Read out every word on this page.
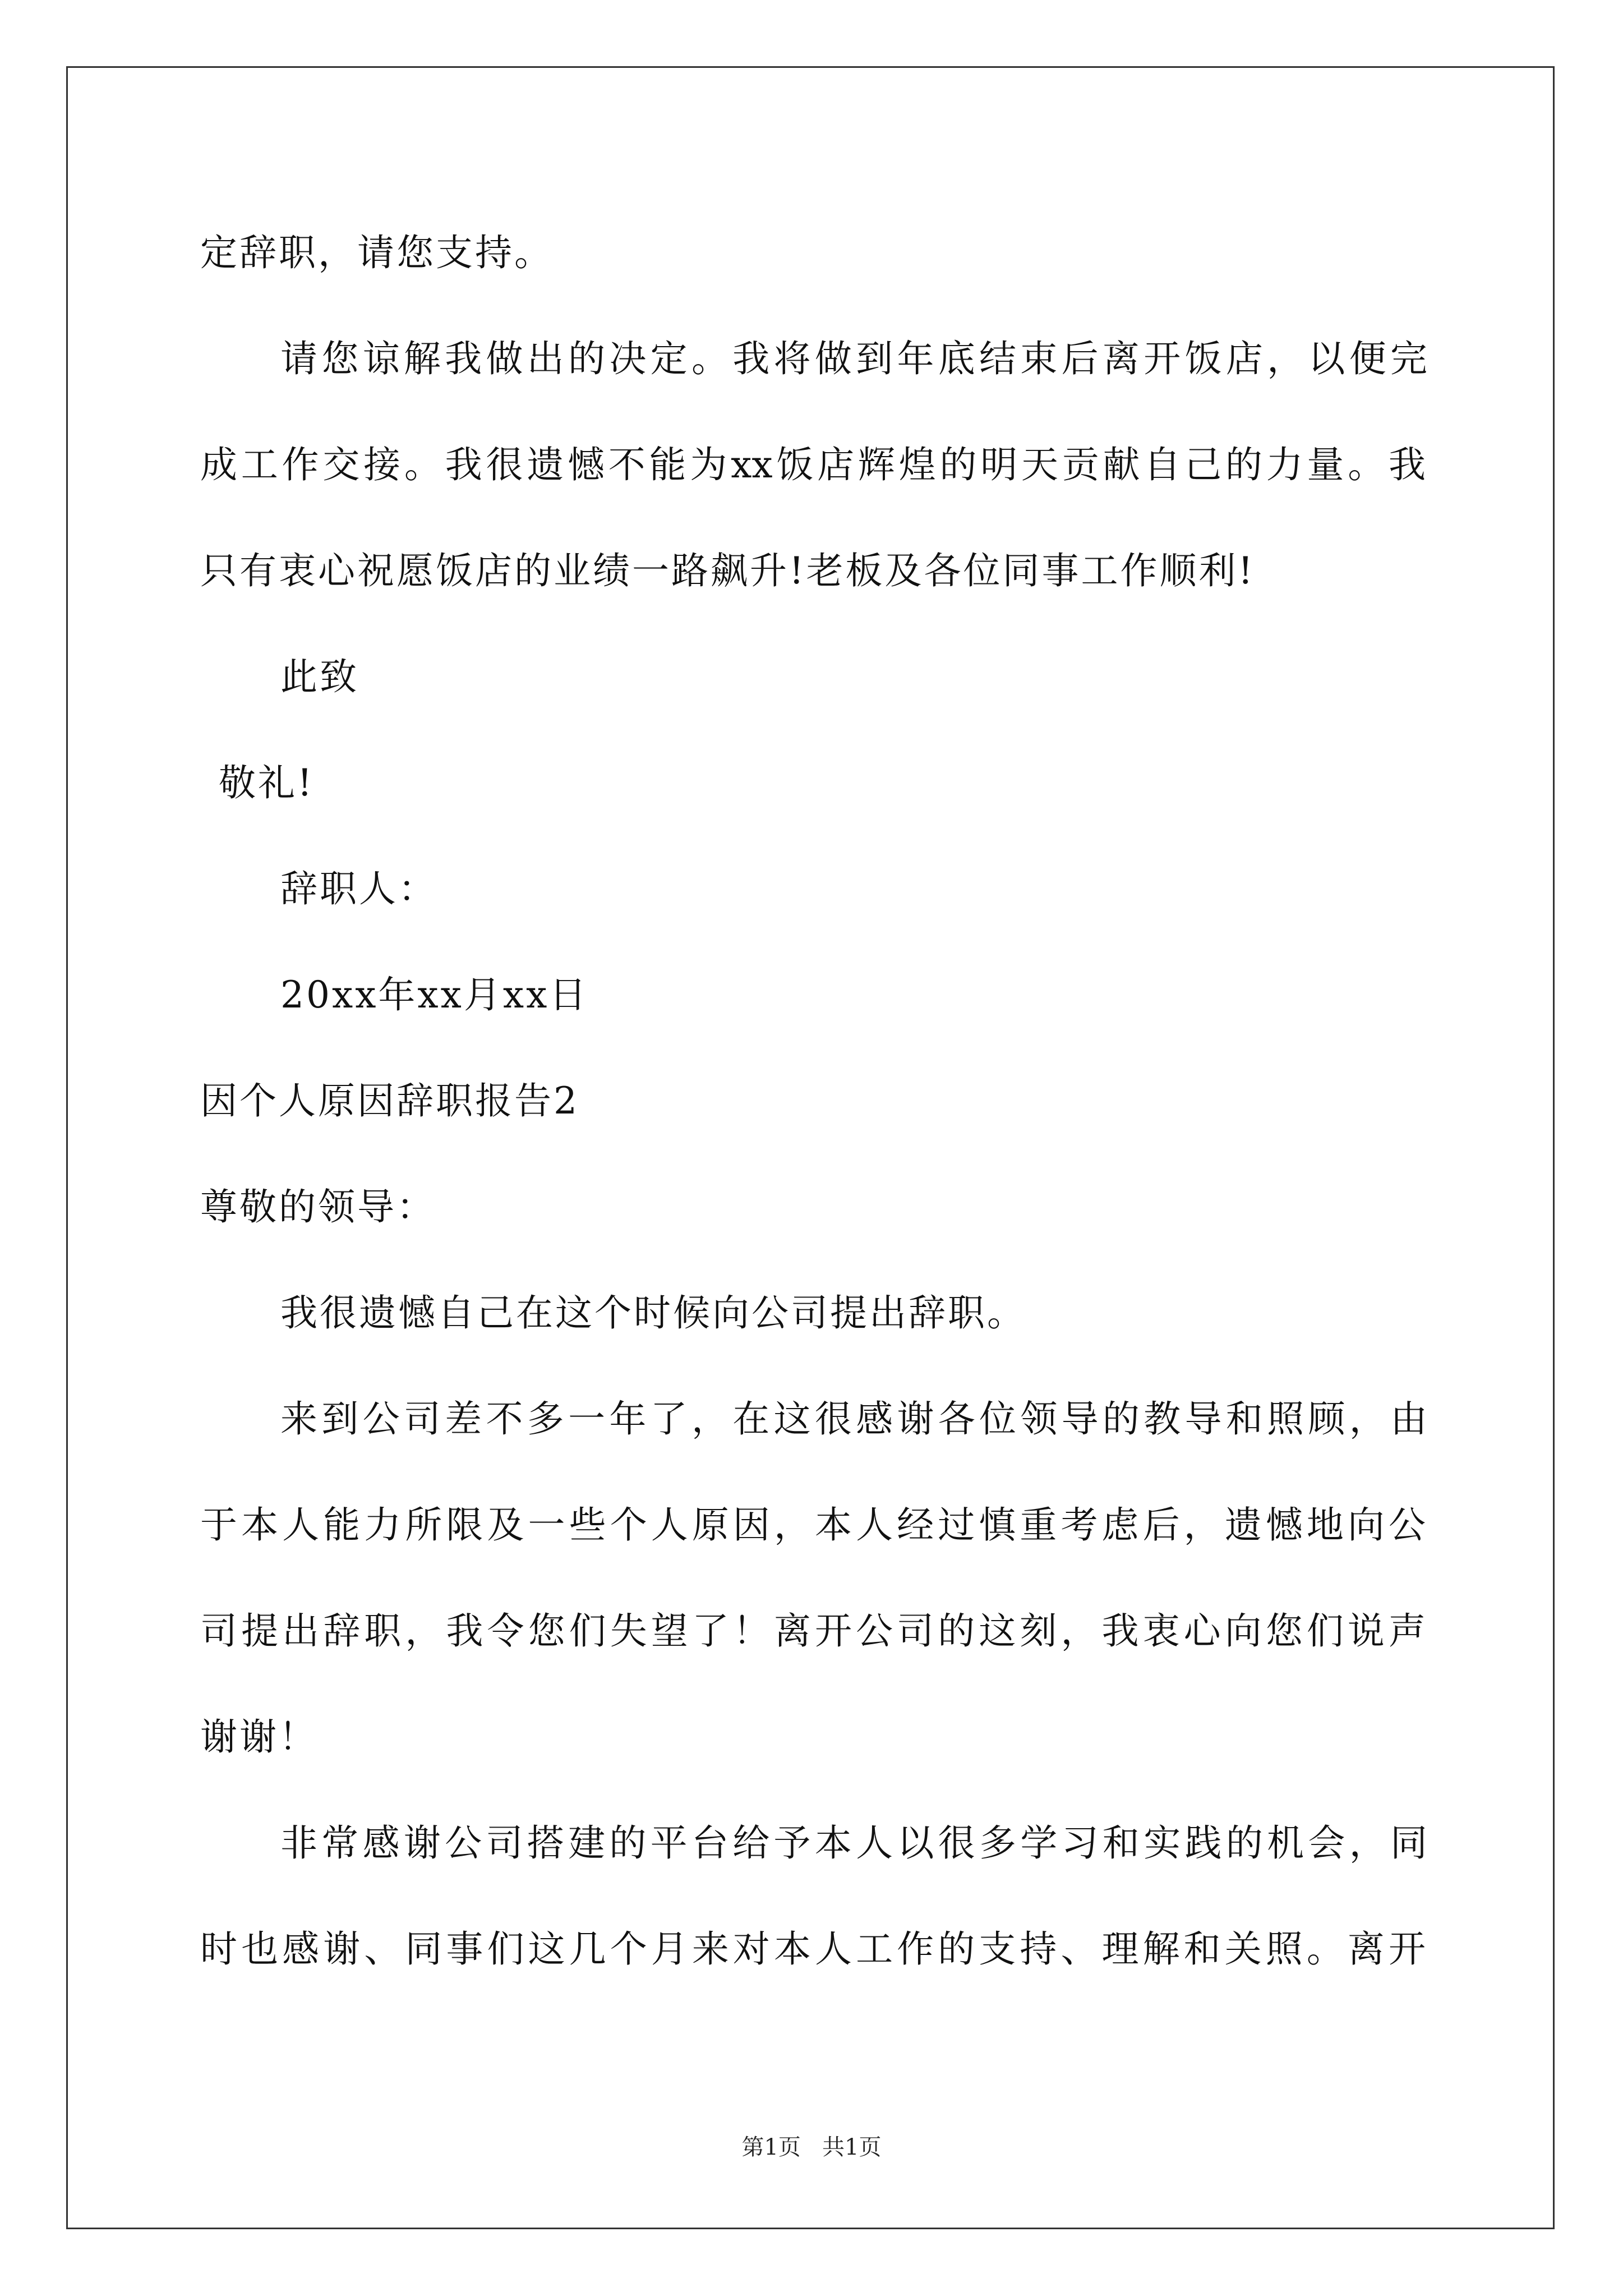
定辞职，请您支持。
请您谅解我做出的决定。我将做到年底结束后离开饭店，以便完
成工作交接。我很遗憾不能为xx饭店辉煌的明天贡献自己的力量。我
只有衷心祝愿饭店的业绩一路飙升!老板及各位同事工作顺利!
此致
敬礼!
辞职人：
20xx年xx月xx日
因个人原因辞职报告2
尊敬的领导：
我很遗憾自己在这个时候向公司提出辞职。
来到公司差不多一年了，在这很感谢各位领导的教导和照顾，由
于本人能力所限及一些个人原因，本人经过慎重考虑后，遗憾地向公
司提出辞职，我令您们失望了！离开公司的这刻，我衷心向您们说声
谢谢！
非常感谢公司搭建的平台给予本人以很多学习和实践的机会，同
时也感谢、同事们这几个月来对本人工作的支持、理解和关照。离开
第1页   共1页
